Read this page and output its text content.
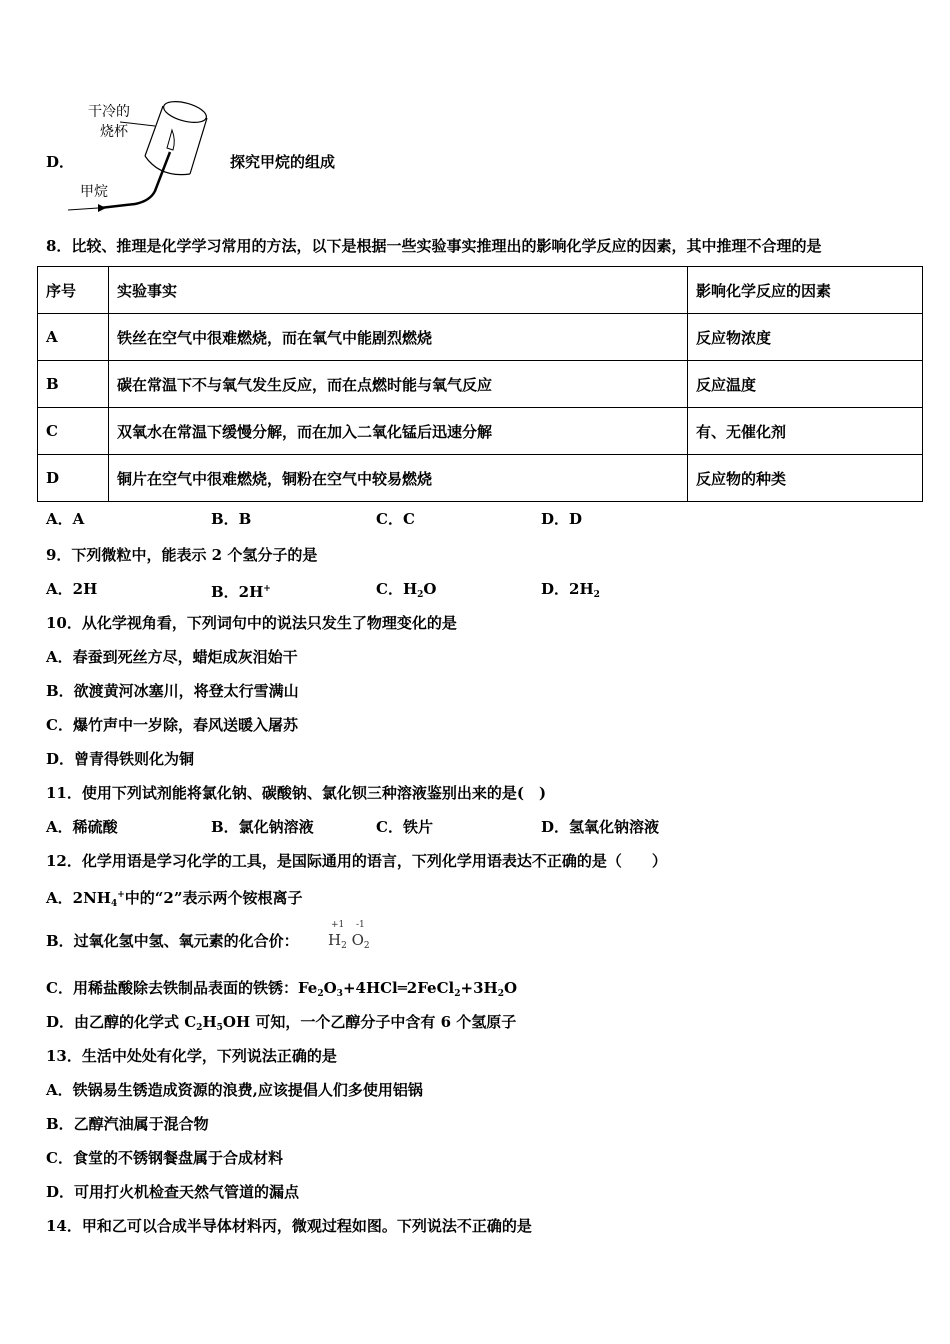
D．
干冷的
烧杯
甲烷
探究甲烷的组成
8．比较、推理是化学学习常用的方法，以下是根据一些实验事实推理出的影响化学反应的因素，其中推理不合理的是
序号	实验事实	影响化学反应的因素
A	铁丝在空气中很难燃烧，而在氧气中能剧烈燃烧	反应物浓度
B	碳在常温下不与氧气发生反应，而在点燃时能与氧气反应	反应温度
C	双氧水在常温下缓慢分解，而在加入二氧化锰后迅速分解	有、无催化剂
D	铜片在空气中很难燃烧，铜粉在空气中较易燃烧	反应物的种类
A．A	B．B	C．C	D．D
9．下列微粒中，能表示 2 个氢分子的是
A．2H	B．2H+	C．$H_2O$	D．$2H_2$
10．从化学视角看，下列词句中的说法只发生了物理变化的是
A．春蚕到死丝方尽，蜡炬成灰泪始干
B．欲渡黄河冰塞川，将登太行雪满山
C．爆竹声中一岁除，春风送暖入屠苏
D．曾青得铁则化为铜
11．使用下列试剂能将氯化钠、碳酸钠、氯化钡三种溶液鉴别出来的是(　)
A．稀硫酸	B．氯化钠溶液	C．铁片	D．氢氧化钠溶液
12．化学用语是学习化学的工具，是国际通用的语言，下列化学用语表达不正确的是（　　）
A．$2NH_4^+$中的“2”表示两个铵根离子
B．过氧化氢中氢、氧元素的化合价：
+1 -1
$H_2$ $O_2$
C．用稀盐酸除去铁制品表面的铁锈：$Fe_2O_3+4HCl═2FeCl_2+3H_2O$
D．由乙醇的化学式 $C_2H_5OH$ 可知，一个乙醇分子中含有 6 个氢原子
13．生活中处处有化学，下列说法正确的是
A．铁锅易生锈造成资源的浪费,应该提倡人们多使用铝锅
B．乙醇汽油属于混合物
C．食堂的不锈钢餐盘属于合成材料
D．可用打火机检查天然气管道的漏点
14．甲和乙可以合成半导体材料丙，微观过程如图。下列说法不正确的是
